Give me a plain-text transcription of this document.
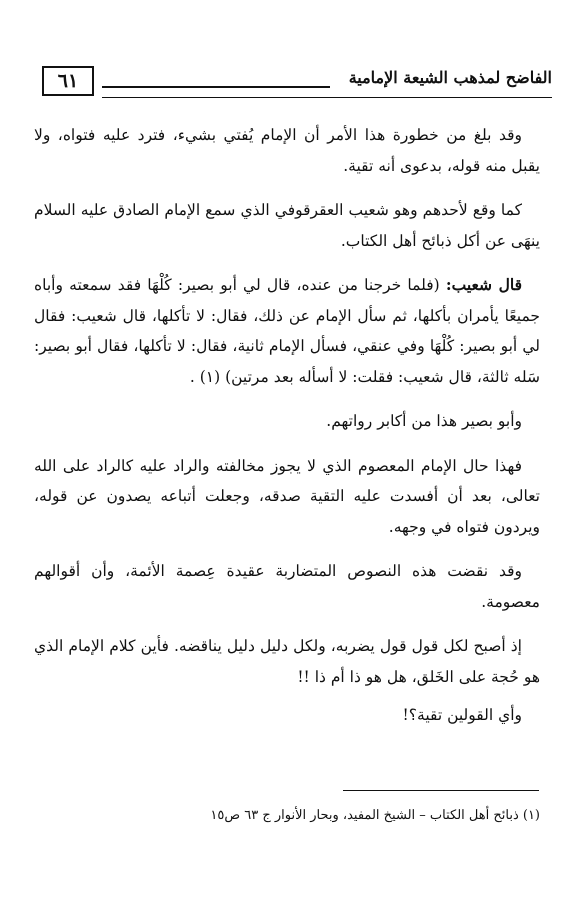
٦١	الفاضح لمذهب الشيعة الإمامية

وقد بلغ من خطورة هذا الأمر أن الإمام يُفتي بشيء، فترد عليه فتواه، ولا يقبل منه قوله، بدعوى أنه تقية.

كما وقع لأحدهم وهو شعيب العقرقوفي الذي سمع الإمام الصادق عليه السلام ينهَى عن أكل ذبائح أهل الكتاب.

قال شعيب: (فلما خرجنا من عنده، قال لي أبو بصير: كُلْهَا فقد سمعته وأباه جميعًا يأمران بأكلها، ثم سأل الإمام عن ذلك، فقال: لا تأكلها، قال شعيب: فقال لي أبو بصير: كُلْهَا وفي عنقي، فسأل الإمام ثانية، فقال: لا تأكلها، فقال أبو بصير: سَله ثالثة، قال شعيب: فقلت: لا أسأله بعد مرتين) (١) .

وأبو بصير هذا من أكابر رواتهم.

فهذا حال الإمام المعصوم الذي لا يجوز مخالفته والراد عليه كالراد على الله تعالى، بعد أن أفسدت عليه التقية صدقه، وجعلت أتباعه يصدون عن قوله، ويردون فتواه في وجهه.

وقد نقضت هذه النصوص المتضاربة عقيدة عِصمة الأئمة، وأن أقوالهم معصومة.

إذ أصبح لكل قول قول يضربه، ولكل دليل دليل يناقضه. فأين كلام الإمام الذي هو حُجة على الخَلق، هل هو ذا أم ذا !!

وأي القولين تقية؟!

(١) ذبائح أهل الكتاب – الشيخ المفيد، وبحار الأنوار ج ٦٣ ص١٥
